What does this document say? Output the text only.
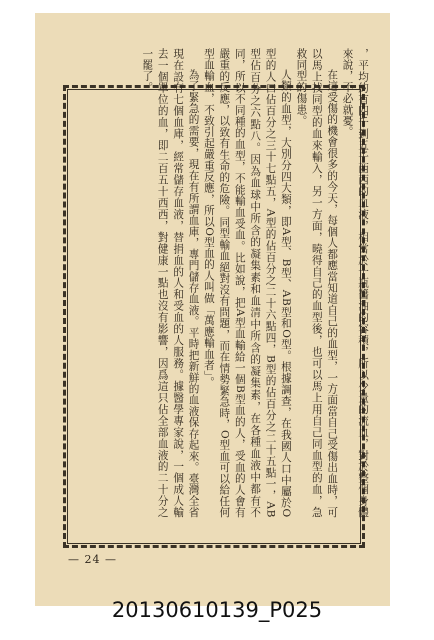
，平均約有四千到五千西西的血液，相當於十瓶醬油的容積，所以少量的流血，對於整個身體來說，不必就憂。

在這受傷的機會很多的今天，每個人都應當知道自己的血型，一方面當自己受傷出血時，可以馬上找同型的血來輸入，另一方面，曉得自己的血型後，也可以馬上用自己同血型的血，急救同型的傷患。

人類的血型，大別分四大類，即A型、B型、AB型和O型。根據調查，在我國人口中屬於O型的人口佔百分之三十七點五，A型的佔百分之二十六點四，B型的佔百分之二十五點一，AB型佔百分之六點八。因為血球中所含的凝集素和血清中所含的凝集素，在各種血液中都有不同，所以不同種的血型，不能輸血受血。比如說，把A型血輸給一個B型血的人，受血的人會有嚴重的反應，以致有生命的危險。同型輸血絕對沒有問題，而在情勢緊急時，O型血可以給任何型血輸血，不致引起嚴重反應，所以O型血的人叫做「萬應輸血者」。

為了緊急的需要，現在有所謂血庫，專門儲存血液。平時把新鮮的血液保存起來。臺灣全省現在設有七個血庫，經常儲存血液，替捐血的人和受血的人服務。據醫學專家說，一個成人輸去一個單位的血，即二百五十西西，對健康一點也沒有影響，因爲這只佔全部血液的二十分之一罷了。

— 24 —
20130610139_P025
